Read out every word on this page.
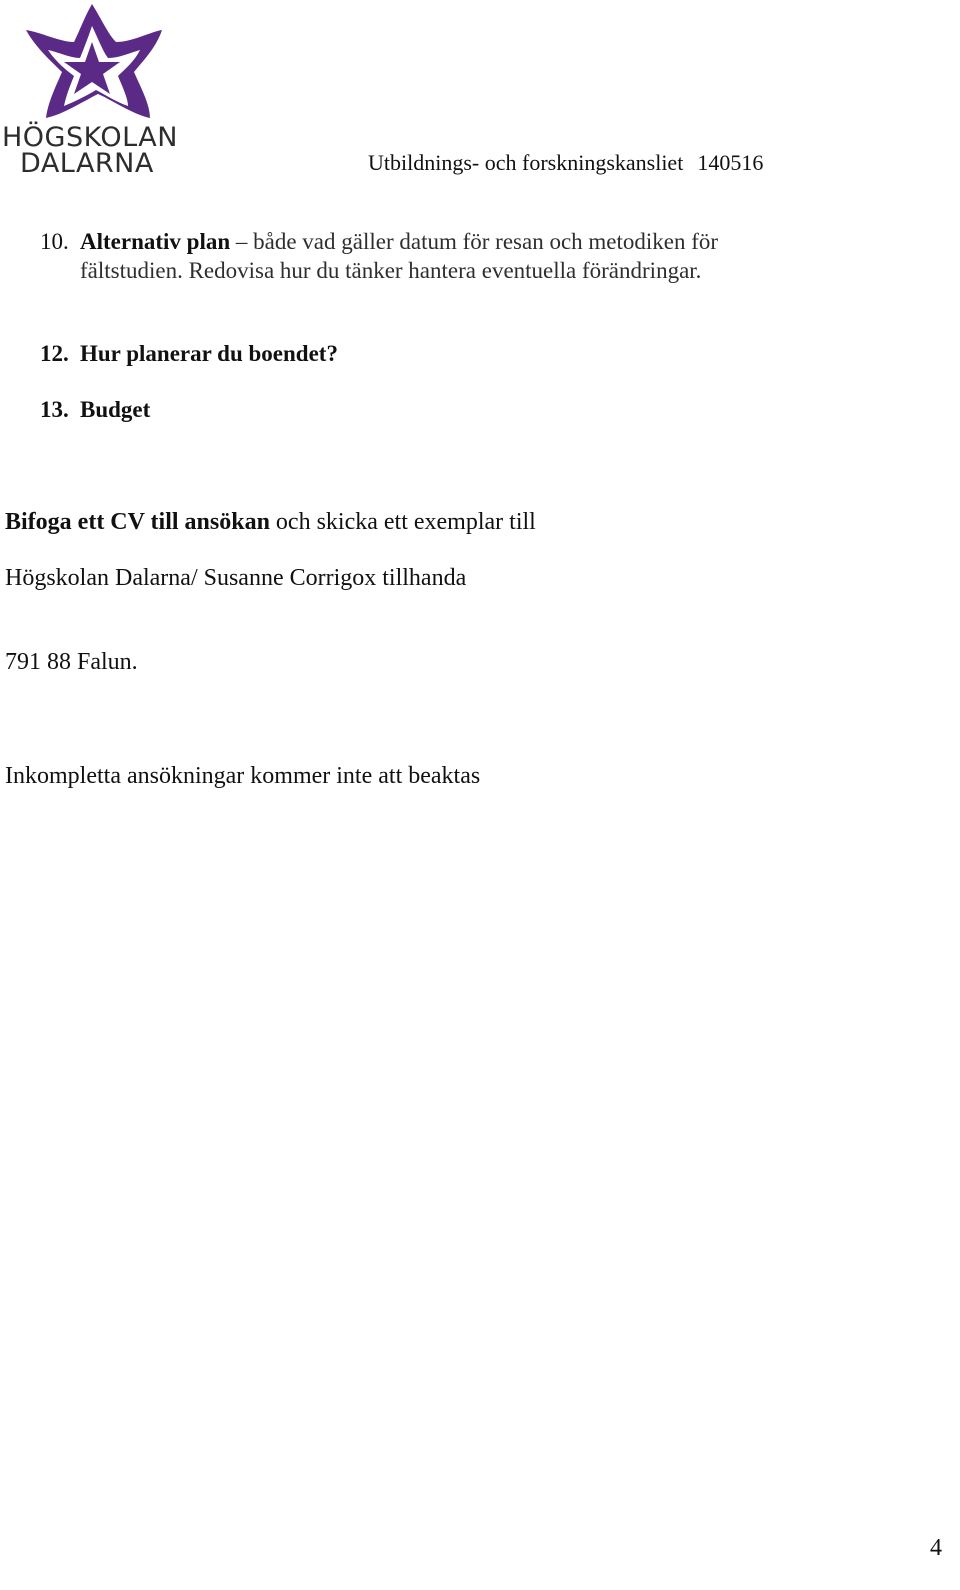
HÖGSKOLAN
DALARNA	Utbildnings- och forskningskansliet 140516
10. Alternativ plan – både vad gäller datum för resan och metodiken för fältstudien. Redovisa hur du tänker hantera eventuella förändringar.
12. Hur planerar du boendet?
13. Budget
Bifoga ett CV till ansökan och skicka ett exemplar till
Högskolan Dalarna/ Susanne Corrigox tillhanda
791 88 Falun.
Inkompletta ansökningar kommer inte att beaktas
4
